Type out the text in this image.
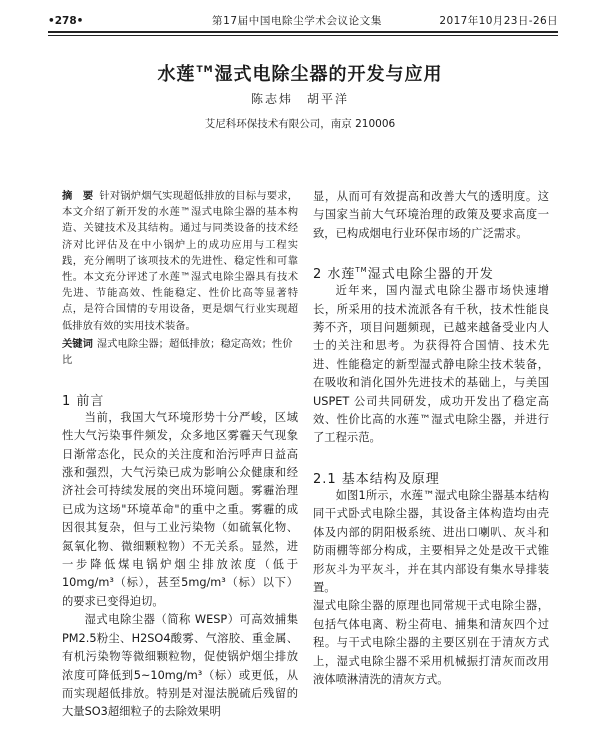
•278•	第17届中国电除尘学术会议论文集	2017年10月23日-26日
水莲™湿式电除尘器的开发与应用
陈志炜　胡平洋
艾尼科环保技术有限公司，南京 210006

摘　要 针对锅炉烟气实现超低排放的目标与要求，本文介绍了新开发的水莲™湿式电除尘器的基本构造、关键技术及其结构。通过与同类设备的技术经济对比评估及在中小锅炉上的成功应用与工程实践，充分阐明了该项技术的先进性、稳定性和可靠性。本文充分评述了水莲™湿式电除尘器具有技术先进、节能高效、性能稳定、性价比高等显著特点，是符合国情的专用设备，更是烟气行业实现超低排放有效的实用技术装备。

关键词 湿式电除尘器；超低排放；稳定高效；性价比

1 前言

当前，我国大气环境形势十分严峻，区域性大气污染事件频发，众多地区雾霾天气现象日渐常态化，民众的关注度和治污呼声日益高涨和强烈，大气污染已成为影响公众健康和经济社会可持续发展的突出环境问题。雾霾治理已成为这场"环境革命"的重中之重。雾霾的成因很其复杂，但与工业污染物（如硫氧化物、氮氧化物、微细颗粒物）不无关系。显然，进一步降低煤电锅炉烟尘排放浓度（低于10mg/m³（标），甚至5mg/m³（标）以下）的要求已变得迫切。

湿式电除尘器（简称 WESP）可高效捕集PM2.5粉尘、H2SO4酸雾、气溶胶、重金属、有机污染物等微细颗粒物，促使锅炉烟尘排放浓度可降低到5~10mg/m³（标）或更低，从而实现超低排放。特别是对湿法脱硫后残留的大量SO3超细粒子的去除效果明

显，从而可有效提高和改善大气的透明度。这与国家当前大气环境治理的政策及要求高度一致，已构成烟电行业环保市场的广泛需求。

2 水莲™湿式电除尘器的开发

近年来，国内湿式电除尘器市场快速增长，所采用的技术流派各有千秋，技术性能良莠不齐，项目问题频现，已越来越备受业内人士的关注和思考。为获得符合国情、技术先进、性能稳定的新型湿式静电除尘技术装备，在吸收和消化国外先进技术的基础上，与美国 USPET 公司共同研发，成功开发出了稳定高效、性价比高的水莲™湿式电除尘器，并进行了工程示范。

2.1 基本结构及原理

如图1所示，水莲™湿式电除尘器基本结构同干式卧式电除尘器，其设备主体构造均由壳体及内部的阴阳极系统、进出口喇叭、灰斗和防雨棚等部分构成，主要相异之处是改干式锥形灰斗为平灰斗，并在其内部设有集水导排装置。

湿式电除尘器的原理也同常规干式电除尘器，包括气体电离、粉尘荷电、捕集和清灰四个过程。与干式电除尘器的主要区别在于清灰方式上，湿式电除尘器不采用机械振打清灰而改用液体喷淋清洗的清灰方式。
